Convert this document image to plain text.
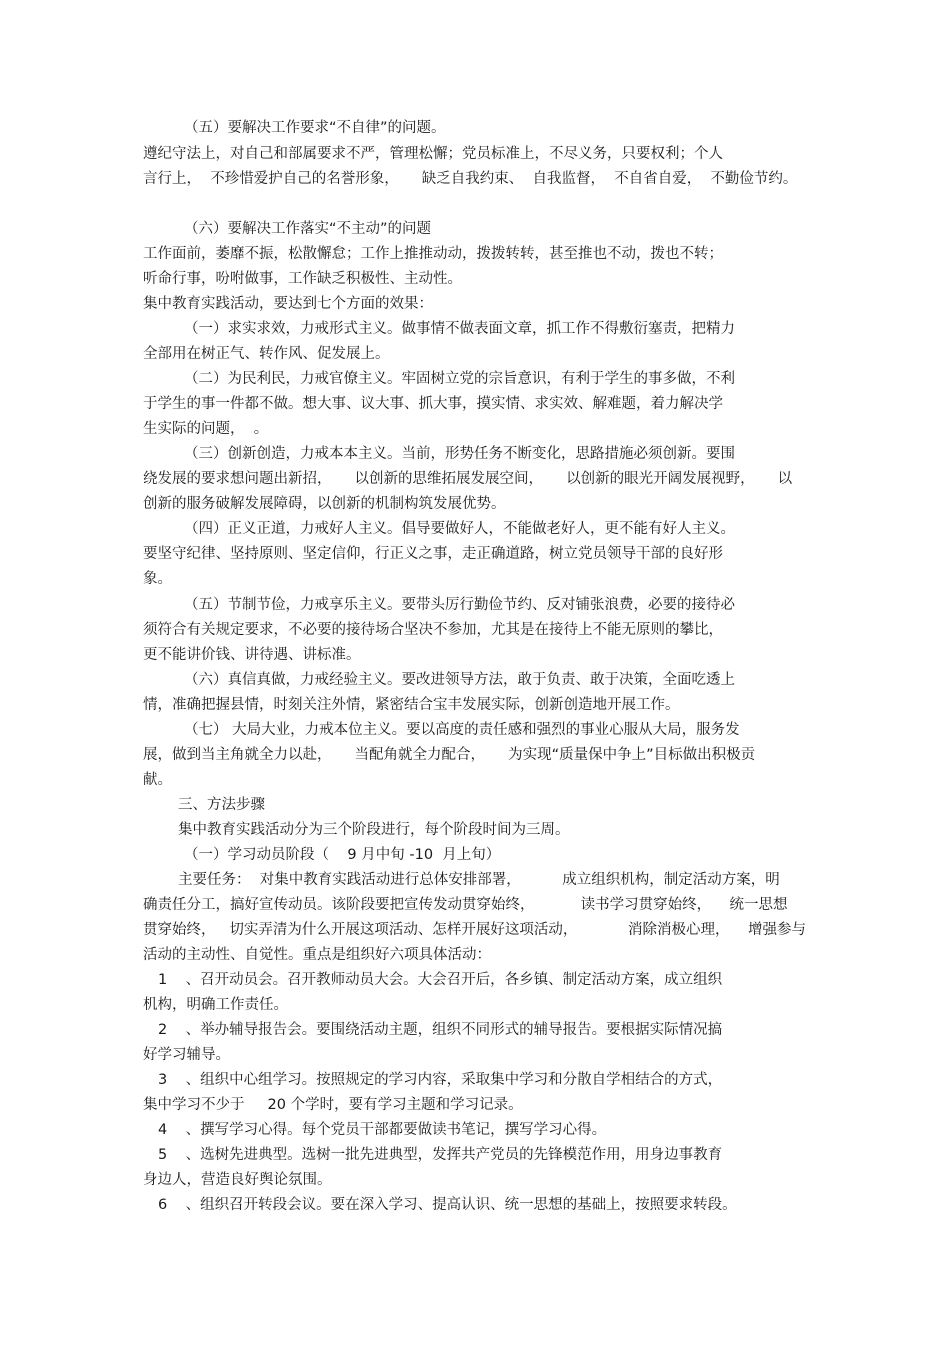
（五）要解决工作要求“不自律”的问题。
遵纪守法上，对自己和部属要求不严，管理松懈；党员标准上，不尽义务，只要权利；个人
言行上，  不珍惜爱护自己的名誉形象，     缺乏自我约束、  自我监督，  不自省自爱，  不勤俭节约。
（六）要解决工作落实“不主动”的问题
工作面前，萎靡不振，松散懈怠；工作上推推动动，拨拨转转，甚至推也不动，拨也不转；
听命行事，吩咐做事，工作缺乏积极性、主动性。
集中教育实践活动，要达到七个方面的效果：
（一）求实求效，力戒形式主义。做事情不做表面文章，抓工作不得敷衍塞责，把精力
全部用在树正气、转作风、促发展上。
（二）为民利民，力戒官僚主义。牢固树立党的宗旨意识，有利于学生的事多做，不利
于学生的事一件都不做。想大事、议大事、抓大事，摸实情、求实效、解难题，着力解决学
生实际的问题，  。
（三）创新创造，力戒本本主义。当前，形势任务不断变化，思路措施必须创新。要围
绕发展的要求想问题出新招，     以创新的思维拓展发展空间，     以创新的眼光开阔发展视野，     以
创新的服务破解发展障碍，以创新的机制构筑发展优势。
（四）正义正道，力戒好人主义。倡导要做好人，不能做老好人，更不能有好人主义。
要坚守纪律、坚持原则、坚定信仰，行正义之事，走正确道路，树立党员领导干部的良好形
象。
（五）节制节俭，力戒享乐主义。要带头厉行勤俭节约、反对铺张浪费，必要的接待必
须符合有关规定要求，不必要的接待场合坚决不参加，尤其是在接待上不能无原则的攀比，
更不能讲价钱、讲待遇、讲标准。
（六）真信真做，力戒经验主义。要改进领导方法，敢于负责、敢于决策，全面吃透上
情，准确把握县情，时刻关注外情，紧密结合宝丰发展实际，创新创造地开展工作。
（七） 大局大业，力戒本位主义。要以高度的责任感和强烈的事业心服从大局，服务发
展，做到当主角就全力以赴，     当配角就全力配合，     为实现“质量保中争上”目标做出积极贡
献。
三、方法步骤
集中教育实践活动分为三个阶段进行，每个阶段时间为三周。
（一）学习动员阶段（    9 月中旬 -10  月上旬）
主要任务：  对集中教育实践活动进行总体安排部署，         成立组织机构，制定活动方案，明
确责任分工，搞好宣传动员。该阶段要把宣传发动贯穿始终，          读书学习贯穿始终，    统一思想
贯穿始终，   切实弄清为什么开展这项活动、怎样开展好这项活动，           消除消极心理，    增强参与
活动的主动性、自觉性。重点是组织好六项具体活动：
1    、召开动员会。召开教师动员大会。大会召开后，各乡镇、制定活动方案，成立组织
机构，明确工作责任。
2    、举办辅导报告会。要围绕活动主题，组织不同形式的辅导报告。要根据实际情况搞
好学习辅导。
3    、组织中心组学习。按照规定的学习内容，采取集中学习和分散自学相结合的方式，
集中学习不少于     20 个学时，要有学习主题和学习记录。
4    、撰写学习心得。每个党员干部都要做读书笔记，撰写学习心得。
5    、选树先进典型。选树一批先进典型，发挥共产党员的先锋模范作用，用身边事教育
身边人，营造良好舆论氛围。
6    、组织召开转段会议。要在深入学习、提高认识、统一思想的基础上，按照要求转段。
